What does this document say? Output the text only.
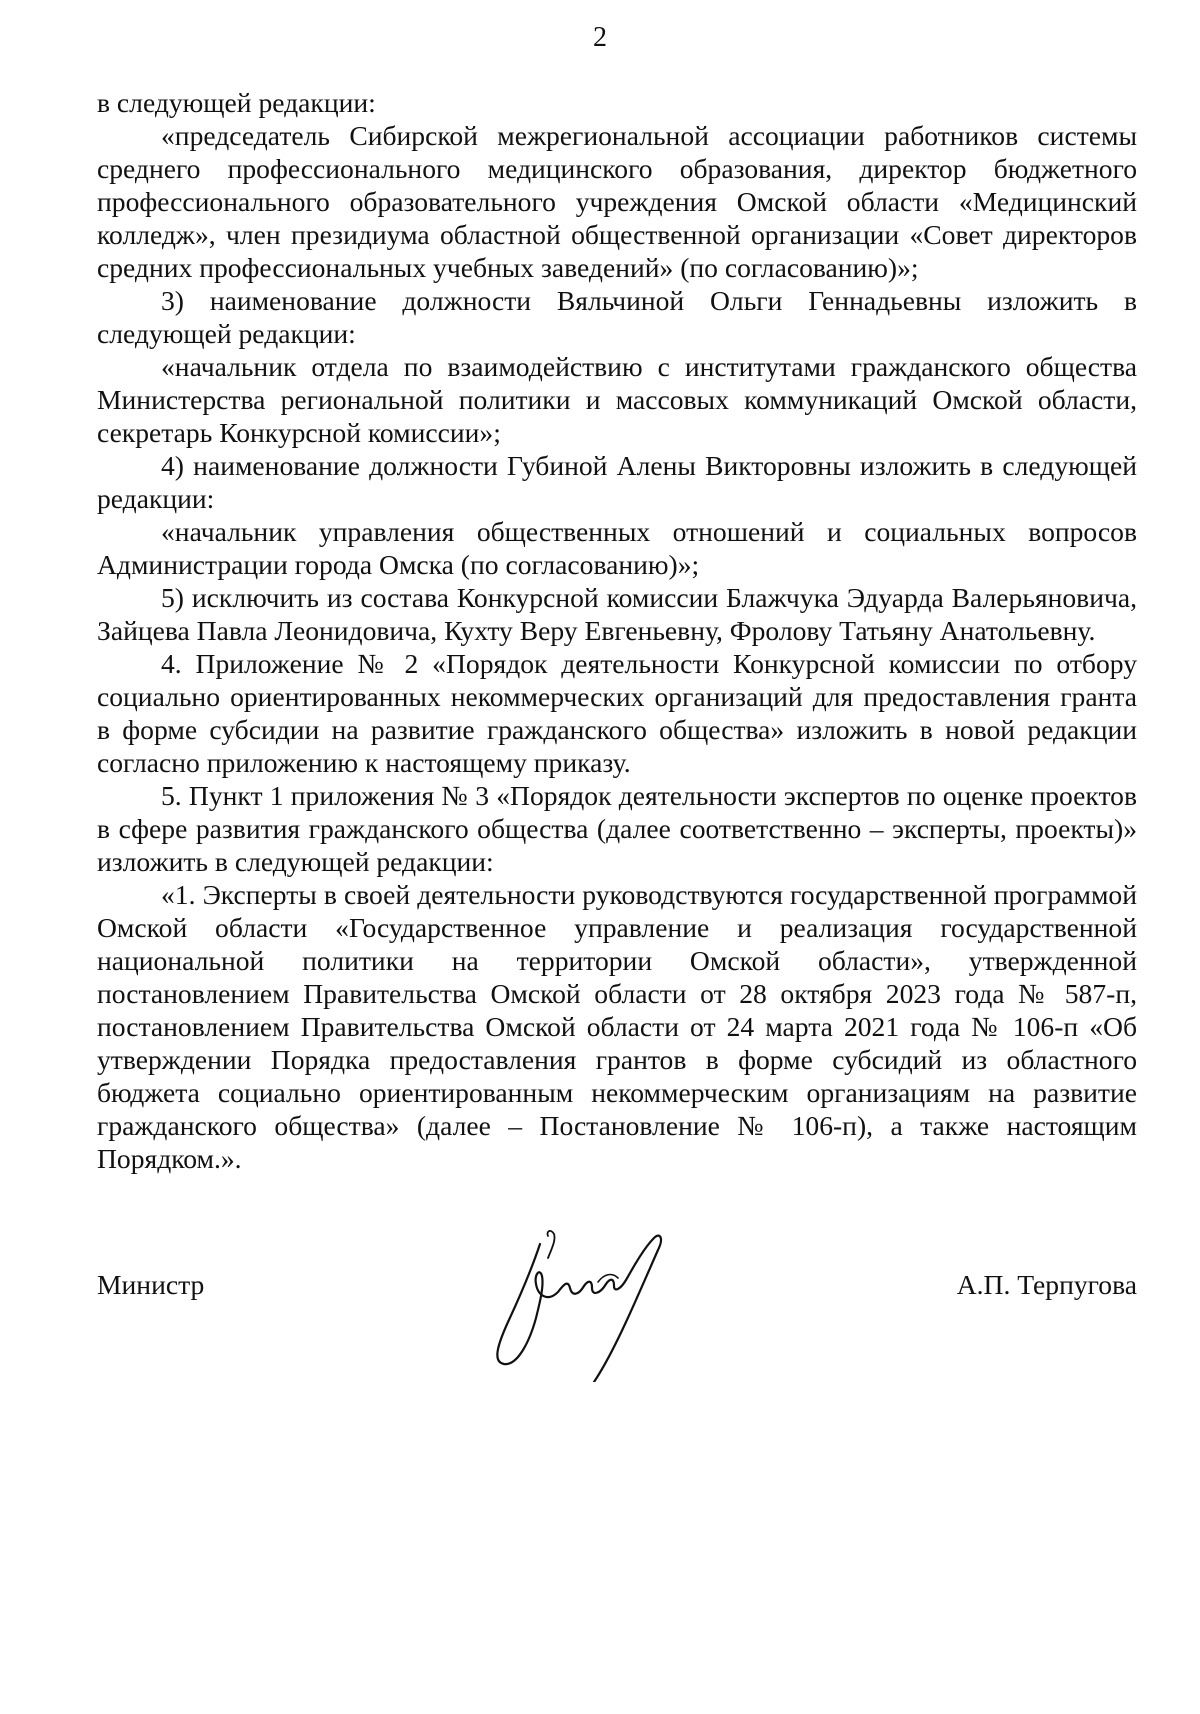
2

в следующей редакции:

«председатель Сибирской межрегиональной ассоциации работников системы среднего профессионального медицинского образования, директор бюджетного профессионального образовательного учреждения Омской области «Медицинский колледж», член президиума областной общественной организации «Совет директоров средних профессиональных учебных заведений» (по согласованию)»;

3) наименование должности Вяльчиной Ольги Геннадьевны изложить в следующей редакции:

«начальник отдела по взаимодействию с институтами гражданского общества Министерства региональной политики и массовых коммуникаций Омской области, секретарь Конкурсной комиссии»;

4) наименование должности Губиной Алены Викторовны изложить в следующей редакции:

«начальник управления общественных отношений и социальных вопросов Администрации города Омска (по согласованию)»;

5) исключить из состава Конкурсной комиссии Блажчука Эдуарда Валерьяновича, Зайцева Павла Леонидовича, Кухту Веру Евгеньевну, Фролову Татьяну Анатольевну.

4. Приложение № 2 «Порядок деятельности Конкурсной комиссии по отбору социально ориентированных некоммерческих организаций для предоставления гранта в форме субсидии на развитие гражданского общества» изложить в новой редакции согласно приложению к настоящему приказу.

5. Пункт 1 приложения № 3 «Порядок деятельности экспертов по оценке проектов в сфере развития гражданского общества (далее соответственно – эксперты, проекты)» изложить в следующей редакции:

«1. Эксперты в своей деятельности руководствуются государственной программой Омской области «Государственное управление и реализация государственной национальной политики на территории Омской области», утвержденной постановлением Правительства Омской области от 28 октября 2023 года № 587-п, постановлением Правительства Омской области от 24 марта 2021 года № 106-п «Об утверждении Порядка предоставления грантов в форме субсидий из областного бюджета социально ориентированным некоммерческим организациям на развитие гражданского общества» (далее – Постановление № 106-п), а также настоящим Порядком.».

Министр	А.П. Терпугова
